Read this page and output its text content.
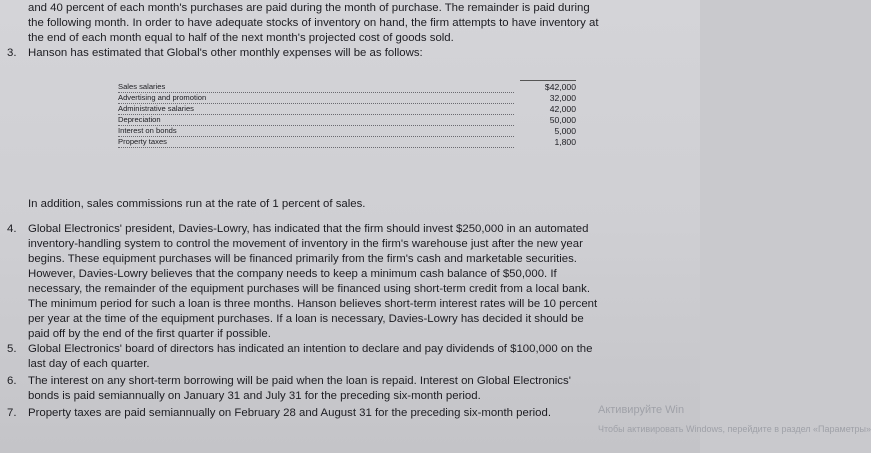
and 40 percent of each month's purchases are paid during the month of purchase. The remainder is paid during
the following month. In order to have adequate stocks of inventory on hand, the firm attempts to have inventory at
the end of each month equal to half of the next month's projected cost of goods sold.
3. Hanson has estimated that Global's other monthly expenses will be as follows:
Sales salaries	$42,000
Advertising and promotion	32,000
Administrative salaries	42,000
Depreciation	50,000
Interest on bonds	5,000
Property taxes	1,800
In addition, sales commissions run at the rate of 1 percent of sales.
4. Global Electronics' president, Davies-Lowry, has indicated that the firm should invest $250,000 in an automated
inventory-handling system to control the movement of inventory in the firm's warehouse just after the new year
begins. These equipment purchases will be financed primarily from the firm's cash and marketable securities.
However, Davies-Lowry believes that the company needs to keep a minimum cash balance of $50,000. If
necessary, the remainder of the equipment purchases will be financed using short-term credit from a local bank.
The minimum period for such a loan is three months. Hanson believes short-term interest rates will be 10 percent
per year at the time of the equipment purchases. If a loan is necessary, Davies-Lowry has decided it should be
paid off by the end of the first quarter if possible.
5. Global Electronics' board of directors has indicated an intention to declare and pay dividends of $100,000 on the
last day of each quarter.
6. The interest on any short-term borrowing will be paid when the loan is repaid. Interest on Global Electronics'
bonds is paid semiannually on January 31 and July 31 for the preceding six-month period.
7. Property taxes are paid semiannually on February 28 and August 31 for the preceding six-month period.	Активируйте Win
Чтобы активировать Windows, перейдите в раздел «Параметры»
